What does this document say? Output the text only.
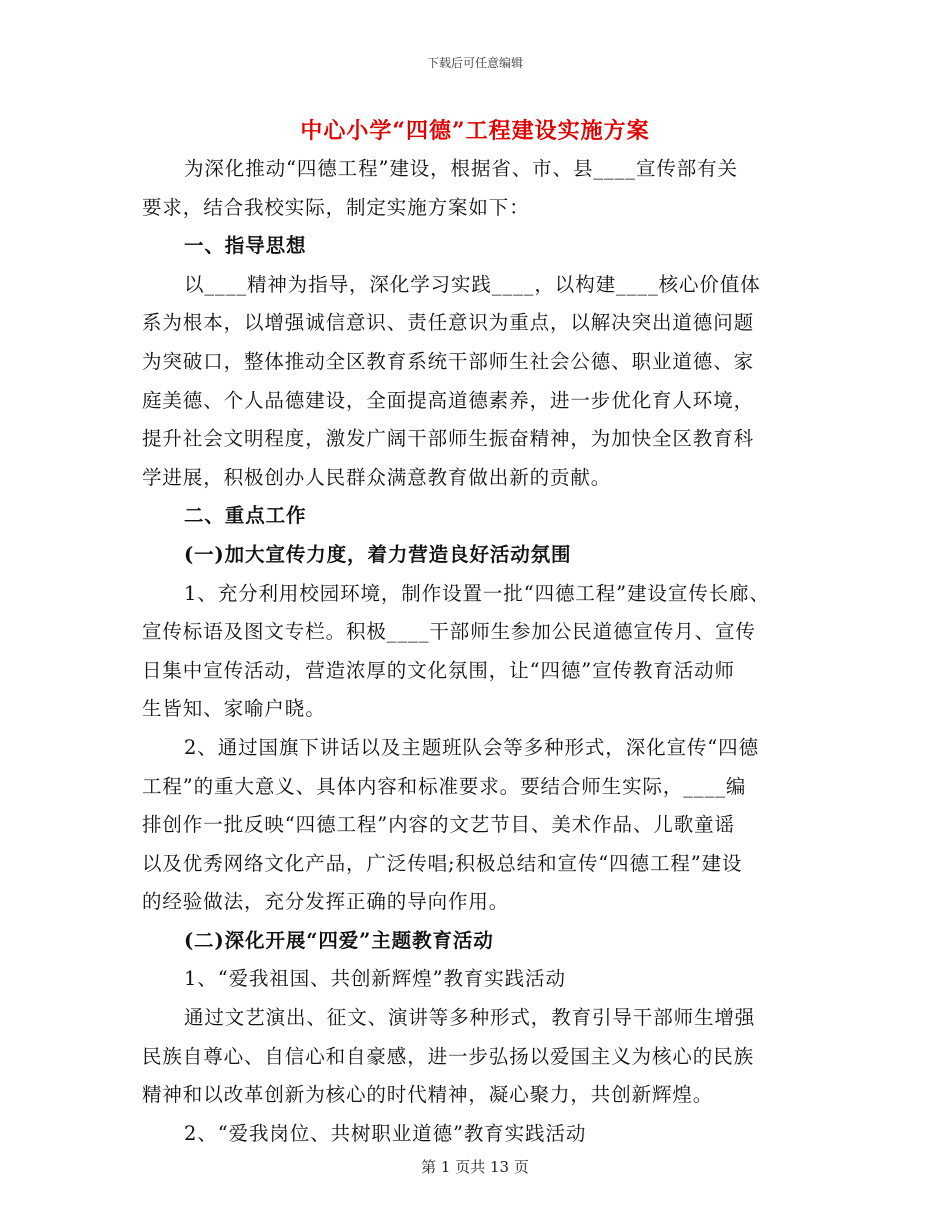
下载后可任意编辑
中心小学“四德”工程建设实施方案
为深化推动“四德工程”建设，根据省、市、县____宣传部有关
要求，结合我校实际，制定实施方案如下：
一、指导思想
以____精神为指导，深化学习实践____，以构建____核心价值体
系为根本，以增强诚信意识、责任意识为重点，以解决突出道德问题
为突破口，整体推动全区教育系统干部师生社会公德、职业道德、家
庭美德、个人品德建设，全面提高道德素养，进一步优化育人环境，
提升社会文明程度，激发广阔干部师生振奋精神，为加快全区教育科
学进展，积极创办人民群众满意教育做出新的贡献。
二、重点工作
(一)加大宣传力度，着力营造良好活动氛围
1、充分利用校园环境，制作设置一批“四德工程”建设宣传长廊、
宣传标语及图文专栏。积极____干部师生参加公民道德宣传月、宣传
日集中宣传活动，营造浓厚的文化氛围，让“四德”宣传教育活动师
生皆知、家喻户晓。
2、通过国旗下讲话以及主题班队会等多种形式，深化宣传“四德
工程”的重大意义、具体内容和标准要求。要结合师生实际，____编
排创作一批反映“四德工程”内容的文艺节目、美术作品、儿歌童谣
以及优秀网络文化产品，广泛传唱;积极总结和宣传“四德工程”建设
的经验做法，充分发挥正确的导向作用。
(二)深化开展“四爱”主题教育活动
1、“爱我祖国、共创新辉煌”教育实践活动
通过文艺演出、征文、演讲等多种形式，教育引导干部师生增强
民族自尊心、自信心和自豪感，进一步弘扬以爱国主义为核心的民族
精神和以改革创新为核心的时代精神，凝心聚力，共创新辉煌。
2、“爱我岗位、共树职业道德”教育实践活动
第 1 页共 13 页
